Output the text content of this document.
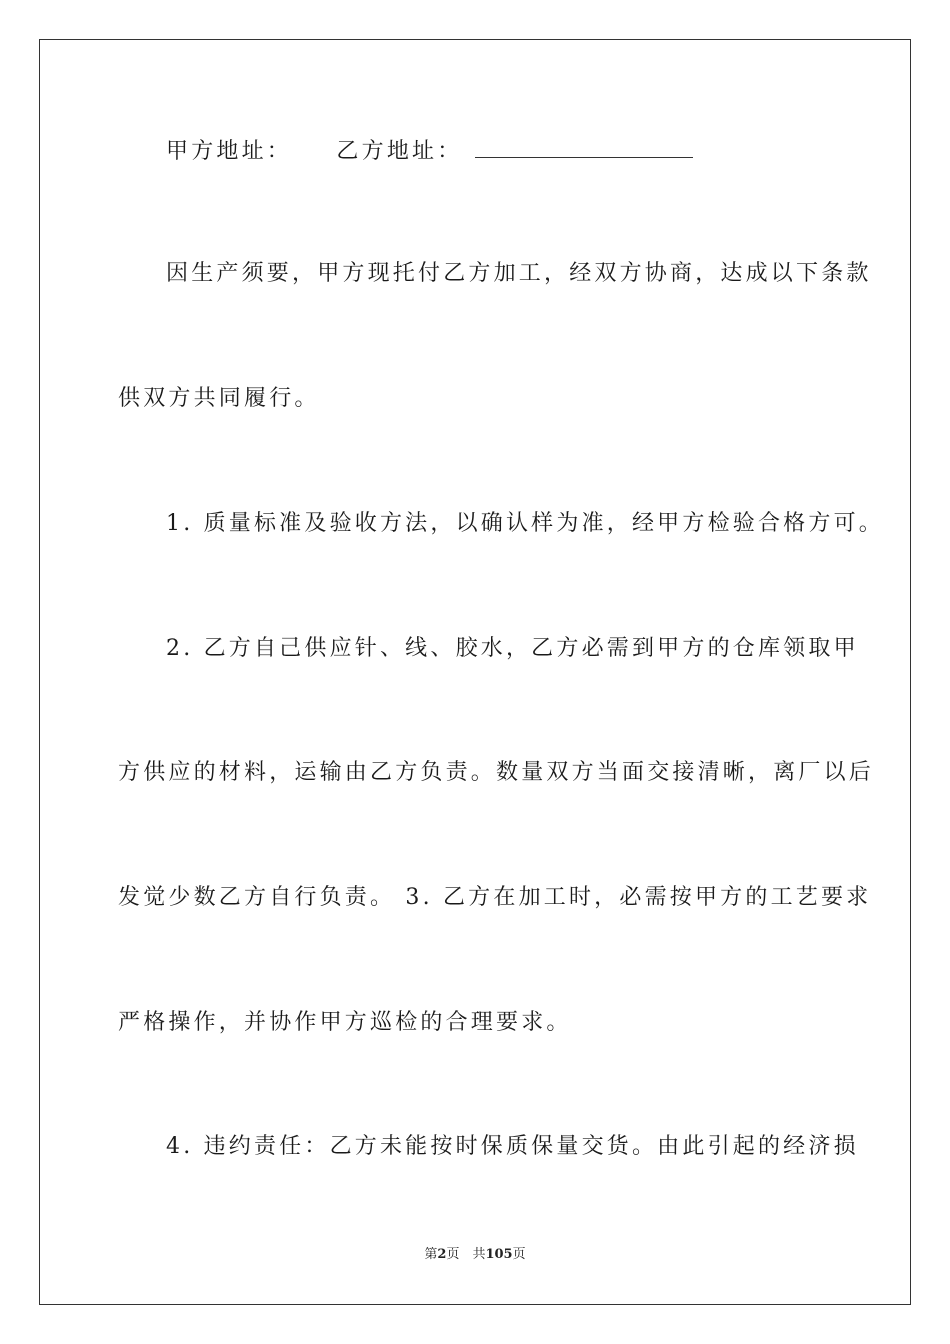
甲方地址： 乙方地址：
因生产须要，甲方现托付乙方加工，经双方协商，达成以下条款
供双方共同履行。
1. 质量标准及验收方法，以确认样为准，经甲方检验合格方可。
2. 乙方自己供应针、线、胶水，乙方必需到甲方的仓库领取甲
方供应的材料，运输由乙方负责。数量双方当面交接清晰，离厂以后
发觉少数乙方自行负责。 3. 乙方在加工时，必需按甲方的工艺要求
严格操作，并协作甲方巡检的合理要求。
4. 违约责任：乙方未能按时保质保量交货。由此引起的经济损
第2页　共105页
